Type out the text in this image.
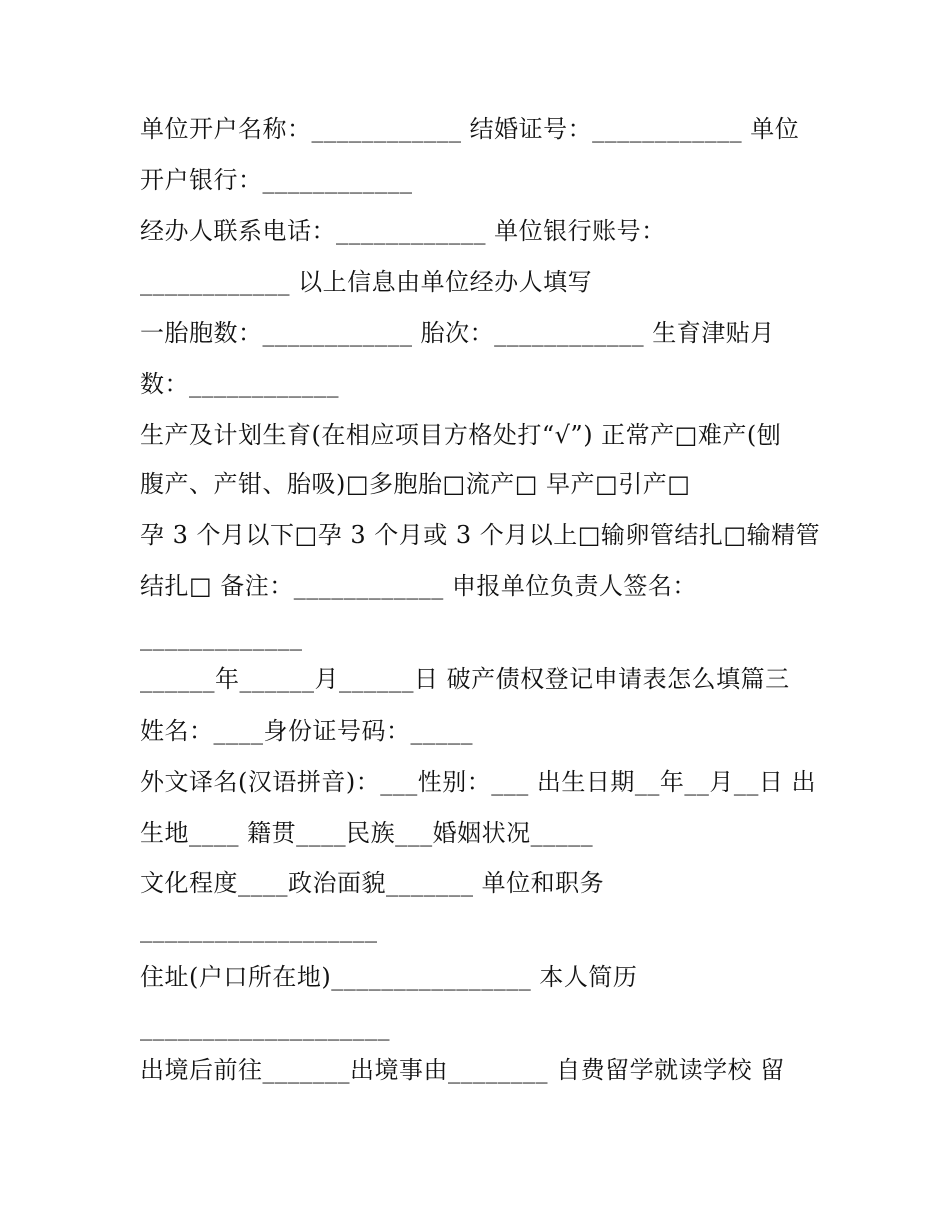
单位开户名称：____________ 结婚证号：____________ 单位
开户银行：____________
经办人联系电话：____________ 单位银行账号：
____________ 以上信息由单位经办人填写
一胎胞数：____________ 胎次：____________ 生育津贴月
数：____________
生产及计划生育(在相应项目方格处打“√”) 正常产□难产(刨
腹产、产钳、胎吸)□多胞胎□流产□ 早产□引产□
孕 3 个月以下□孕 3 个月或 3 个月以上□输卵管结扎□输精管
结扎□ 备注：____________ 申报单位负责人签名：
_____________
______年______月______日 破产债权登记申请表怎么填篇三
姓名：____身份证号码：_____
外文译名(汉语拼音)：___性别：___ 出生日期__年__月__日 出
生地____ 籍贯____民族___婚姻状况_____
文化程度____政治面貌_______ 单位和职务
___________________
住址(户口所在地)________________ 本人简历
____________________
出境后前往_______出境事由________ 自费留学就读学校 留
